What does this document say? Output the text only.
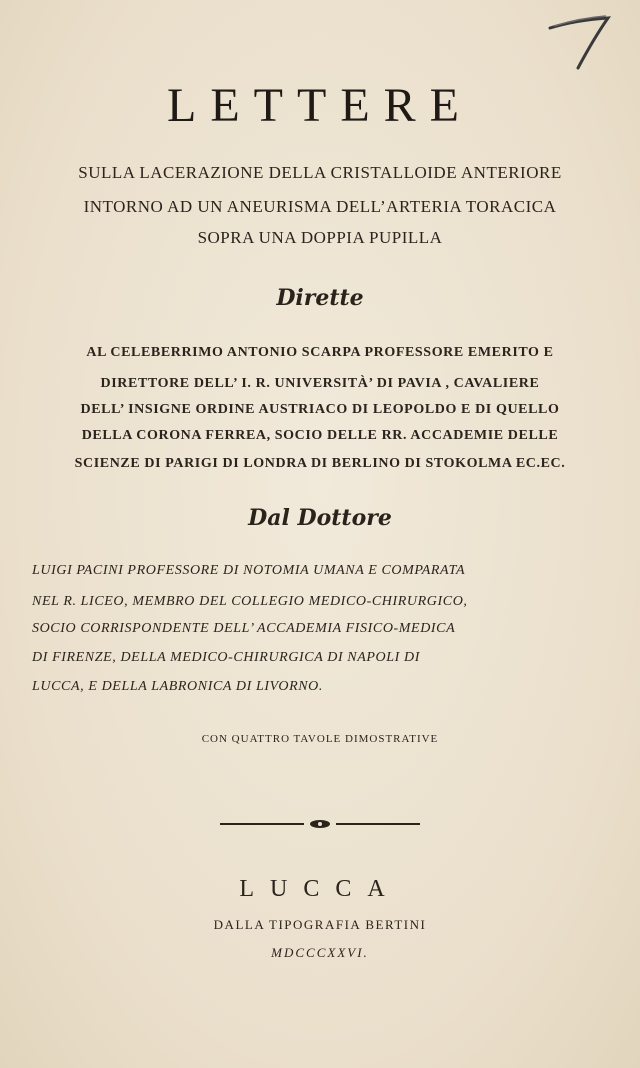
LETTERE
SULLA LACERAZIONE DELLA CRISTALLOIDE ANTERIORE
INTORNO AD UN ANEURISMA DELL’ARTERIA TORACICA
SOPRA UNA DOPPIA PUPILLA
Dirette
AL CELEBERRIMO ANTONIO SCARPA PROFESSORE EMERITO E
DIRETTORE DELL’ I. R. UNIVERSITÀ’ DI PAVIA , CAVALIERE
DELL’ INSIGNE ORDINE AUSTRIACO DI LEOPOLDO E DI QUELLO
DELLA CORONA FERREA, SOCIO DELLE RR. ACCADEMIE DELLE
SCIENZE DI PARIGI DI LONDRA DI BERLINO DI STOKOLMA EC.EC.
Dal Dottore
LUIGI PACINI PROFESSORE DI NOTOMIA UMANA E COMPARATA
NEL R. LICEO, MEMBRO DEL COLLEGIO MEDICO-CHIRURGICO,
SOCIO CORRISPONDENTE DELL’ ACCADEMIA FISICO-MEDICA
DI FIRENZE, DELLA MEDICO-CHIRURGICA DI NAPOLI DI
LUCCA, E DELLA LABRONICA DI LIVORNO.
CON QUATTRO TAVOLE DIMOSTRATIVE
LUCCA
DALLA TIPOGRAFIA BERTINI
MDCCCXXVI.
